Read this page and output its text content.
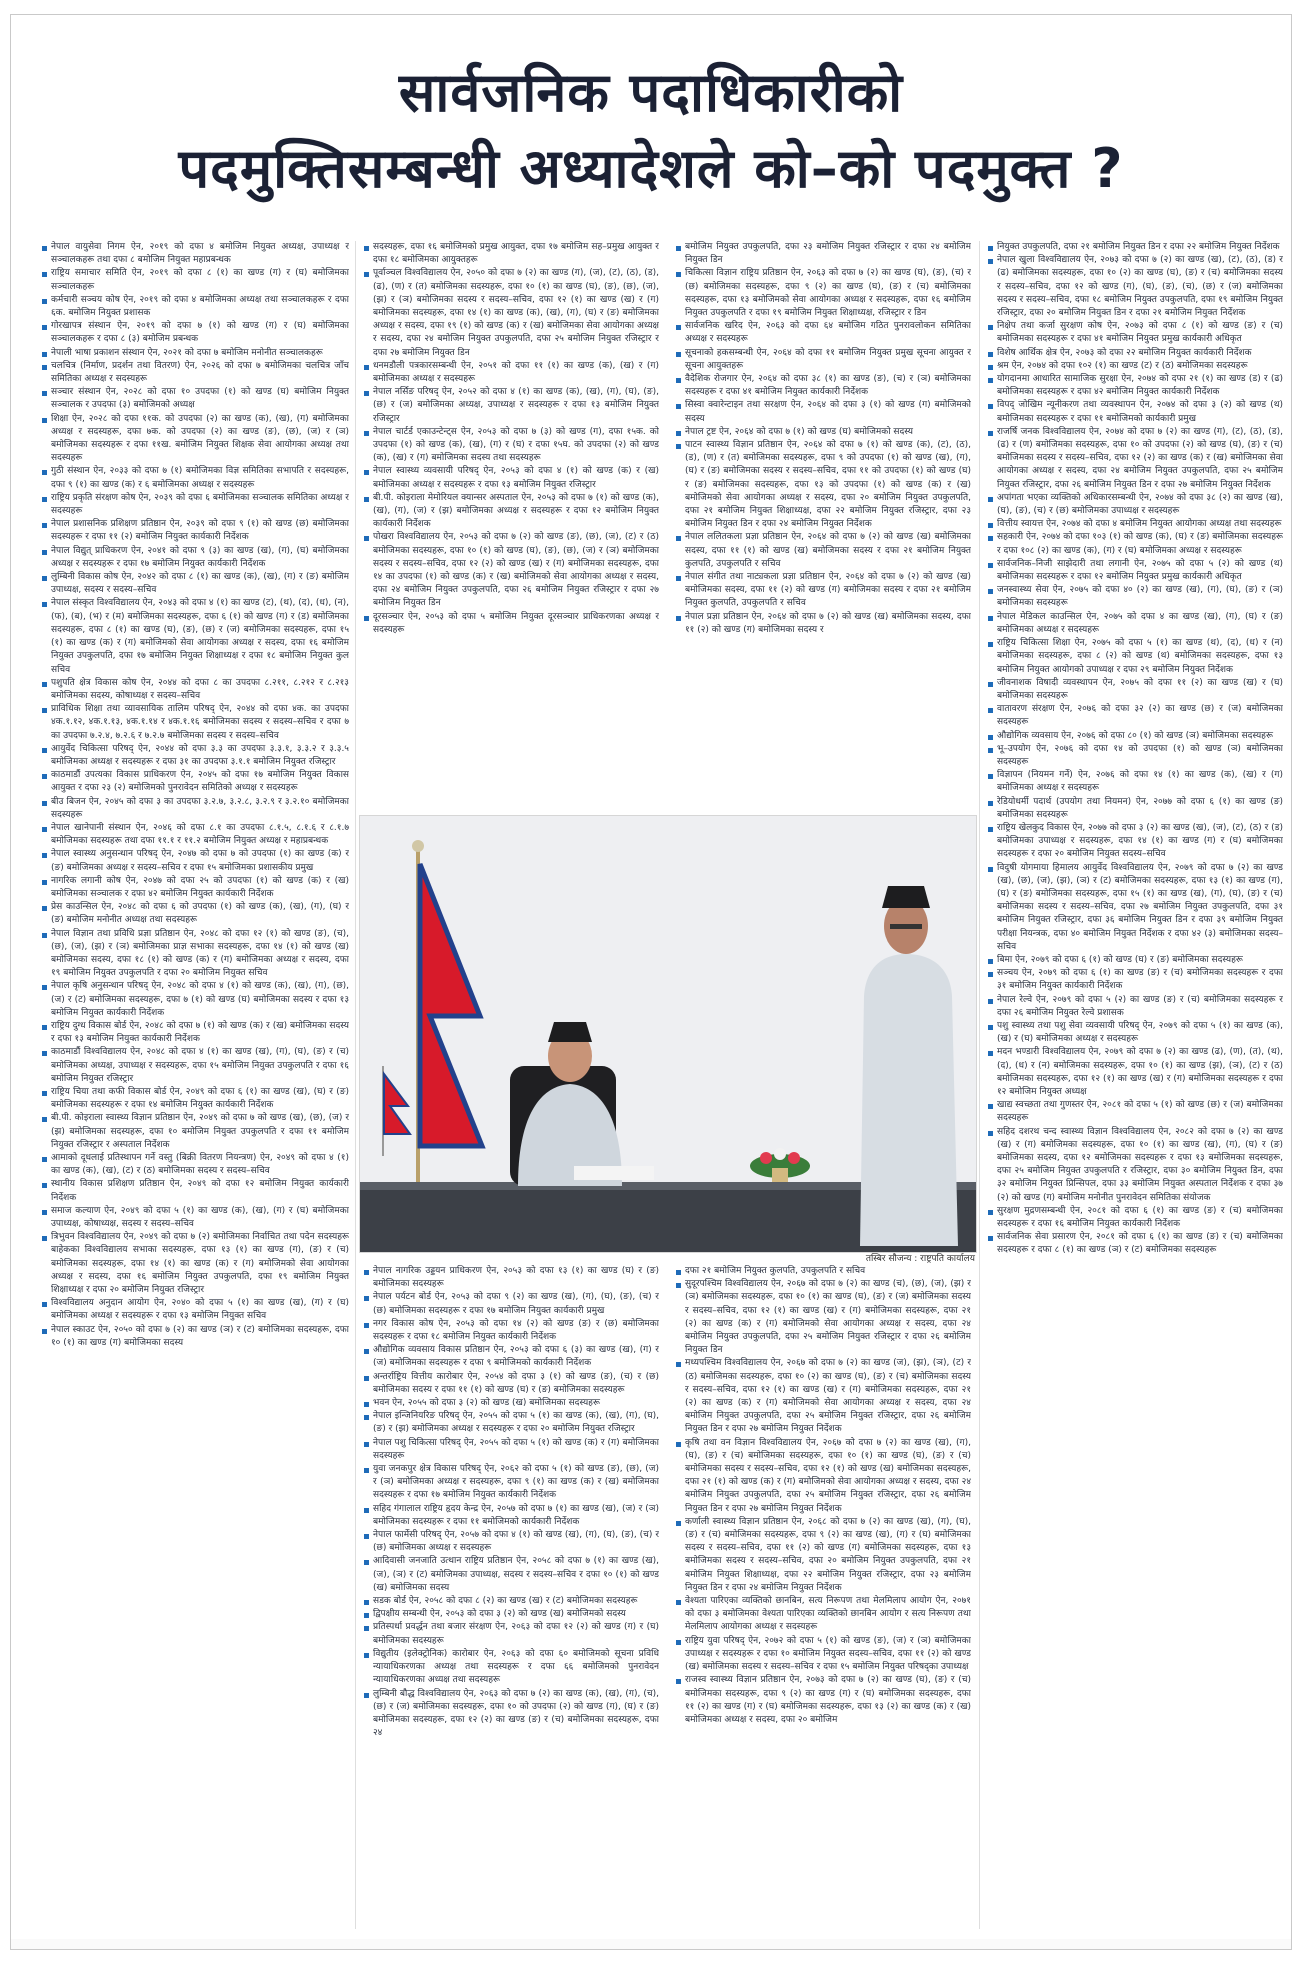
सार्वजनिक पदाधिकारीको
पदमुक्तिसम्बन्धी अध्यादेशले को–को पदमुक्त ?

नेपाल वायुसेवा निगम ऐन, २०१९ को दफा ४ बमोजिम नियुक्त अध्यक्ष, उपाध्यक्ष र सञ्चालकहरू तथा दफा ८ बमोजिम नियुक्त महाप्रबन्धक

राष्ट्रिय समाचार समिति ऐन, २०१९ को दफा ८ (१) का खण्ड (ग) र (घ) बमोजिमका सञ्चालकहरू

कर्मचारी सञ्चय कोष ऐन, २०१९ को दफा ४ बमोजिमका अध्यक्ष तथा सञ्चालकहरू र दफा ६क. बमोजिम नियुक्त प्रशासक

गोरखापत्र संस्थान ऐन, २०१९ को दफा ७ (१) को खण्ड (ग) र (घ) बमोजिमका सञ्चालकहरू र दफा ८ (३) बमोजिम प्रबन्धक

नेपाली भाषा प्रकाशन संस्थान ऐन, २०२१ को दफा ७ बमोजिम मनोनीत सञ्चालकहरू

चलचित्र (निर्माण, प्रदर्शन तथा वितरण) ऐन, २०२६ को दफा ७ बमोजिमका चलचित्र जाँच समितिका अध्यक्ष र सदस्यहरू

सञ्चार संस्थान ऐन, २०२८ को दफा १० उपदफा (१) को खण्ड (घ) बमोजिम नियुक्त सञ्चालक र उपदफा (३) बमोजिमको अध्यक्ष

शिक्षा ऐन, २०२८ को दफा ११क. को उपदफा (२) का खण्ड (क), (ख), (ग) बमोजिमका अध्यक्ष र सदस्यहरू, दफा ७क. को उपदफा (२) का खण्ड (ङ), (छ), (ज) र (ञ) बमोजिमका सदस्यहरू र दफा ११ख. बमोजिम नियुक्त शिक्षक सेवा आयोगका अध्यक्ष तथा सदस्यहरू

गुठी संस्थान ऐन, २०३३ को दफा ७ (१) बमोजिमका विज्ञ समितिका सभापति र सदस्यहरू, दफा ९ (१) का खण्ड (क) र ६ बमोजिमका अध्यक्ष र सदस्यहरू

राष्ट्रिय प्रकृति संरक्षण कोष ऐन, २०३९ को दफा ६ बमोजिमका सञ्चालक समितिका अध्यक्ष र सदस्यहरू

नेपाल प्रशासनिक प्रशिक्षण प्रतिष्ठान ऐन, २०३९ को दफा ९ (१) को खण्ड (छ) बमोजिमका सदस्यहरू र दफा ११ (२) बमोजिम नियुक्त कार्यकारी निर्देशक

नेपाल विद्युत् प्राधिकरण ऐन, २०४१ को दफा ९ (३) का खण्ड (ख), (ग), (घ) बमोजिमका अध्यक्ष र सदस्यहरू र दफा १७ बमोजिम नियुक्त कार्यकारी निर्देशक

लुम्बिनी विकास कोष ऐन, २०४२ को दफा ८ (१) का खण्ड (क), (ख), (ग) र (ङ) बमोजिम उपाध्यक्ष, सदस्य र सदस्य–सचिव

नेपाल संस्कृत विश्वविद्यालय ऐन, २०४३ को दफा ४ (१) का खण्ड (ट), (थ), (द), (ध), (न), (फ), (ब), (भ) र (म) बमोजिमका सदस्यहरू, दफा ६ (१) को खण्ड (ग) र (ड) बमोजिमका सदस्यहरू, दफा ८ (१) का खण्ड (घ), (ङ), (छ) र (ज) बमोजिमका सदस्यहरू, दफा १५ (१) का खण्ड (क) र (ग) बमोजिमको सेवा आयोगका अध्यक्ष र सदस्य, दफा १६ बमोजिम नियुक्त उपकुलपति, दफा १७ बमोजिम नियुक्त शिक्षाध्यक्ष र दफा १८ बमोजिम नियुक्त कुल सचिव

पशुपति क्षेत्र विकास कोष ऐन, २०४४ को दफा ८ का उपदफा ८.२११, ८.२१२ र ८.२१३ बमोजिमका सदस्य, कोषाध्यक्ष र सदस्य–सचिव

प्राविधिक शिक्षा तथा व्यावसायिक तालिम परिषद् ऐन, २०४४ को दफा ४क. का उपदफा ४क.१.१२, ४क.१.१३, ४क.१.१४ र ४क.१.१६ बमोजिमका सदस्य र सदस्य–सचिव र दफा ७ का उपदफा ७.२.४, ७.२.६ र ७.२.७ बमोजिमका सदस्य र सदस्य–सचिव

आयुर्वेद चिकित्सा परिषद् ऐन, २०४४ को दफा ३.३ का उपदफा ३.३.१, ३.३.२ र ३.३.५ बमोजिमका अध्यक्ष र सदस्यहरू र दफा ३१ का उपदफा ३.१.१ बमोजिम नियुक्त रजिस्ट्रार

काठमाडौं उपत्यका विकास प्राधिकरण ऐन, २०४५ को दफा १७ बमोजिम नियुक्त विकास आयुक्त र दफा २३ (२) बमोजिमको पुनरावेदन समितिको अध्यक्ष र सदस्यहरू

बीउ बिजन ऐन, २०४५ को दफा ३ का उपदफा ३.२.७, ३.२.८, ३.२.९ र ३.२.१० बमोजिमका सदस्यहरू

नेपाल खानेपानी संस्थान ऐन, २०४६ को दफा ८.१ का उपदफा ८.१.५, ८.१.६ र ८.१.७ बमोजिमका सदस्यहरू तथा दफा ११.१ र ११.२ बमोजिम नियुक्त अध्यक्ष र महाप्रबन्धक

नेपाल स्वास्थ्य अनुसन्धान परिषद् ऐन, २०४७ को दफा ७ को उपदफा (१) का खण्ड (क) र (ङ) बमोजिमका अध्यक्ष र सदस्य–सचिव र दफा १५ बमोजिमका प्रशासकीय प्रमुख

नागरिक लगानी कोष ऐन, २०४७ को दफा २५ को उपदफा (१) को खण्ड (क) र (ख) बमोजिमका सञ्चालक र दफा ४२ बमोजिम नियुक्त कार्यकारी निर्देशक

प्रेस काउन्सिल ऐन, २०४८ को दफा ६ को उपदफा (१) को खण्ड (क), (ख), (ग), (घ) र (ङ) बमोजिम मनोनीत अध्यक्ष तथा सदस्यहरू

नेपाल विज्ञान तथा प्रविधि प्रज्ञा प्रतिष्ठान ऐन, २०४८ को दफा १२ (१) को खण्ड (ङ), (च), (छ), (ज), (झ) र (ञ) बमोजिमका प्राज्ञ सभाका सदस्यहरू, दफा १४ (१) को खण्ड (ख) बमोजिमका सदस्य, दफा १८ (१) को खण्ड (क) र (ग) बमोजिमका अध्यक्ष र सदस्य, दफा १९ बमोजिम नियुक्त उपकुलपति र दफा २० बमोजिम नियुक्त सचिव

नेपाल कृषि अनुसन्धान परिषद् ऐन, २०४८ को दफा ४ (१) को खण्ड (क), (ख), (ग), (छ), (ज) र (ट) बमोजिमका सदस्यहरू, दफा ७ (१) को खण्ड (घ) बमोजिमका सदस्य र दफा १३ बमोजिम नियुक्त कार्यकारी निर्देशक

राष्ट्रिय दुग्ध विकास बोर्ड ऐन, २०४८ को दफा ७ (१) को खण्ड (क) र (ख) बमोजिमका सदस्य र दफा १३ बमोजिम नियुक्त कार्यकारी निर्देशक

काठमाडौं विश्वविद्यालय ऐन, २०४८ को दफा ४ (१) का खण्ड (ख), (ग), (घ), (ङ) र (च) बमोजिमका अध्यक्ष, उपाध्यक्ष र सदस्यहरू, दफा १५ बमोजिम नियुक्त उपकुलपति र दफा १६ बमोजिम नियुक्त रजिस्ट्रार

राष्ट्रिय चिया तथा कफी विकास बोर्ड ऐन, २०४९ को दफा ६ (१) का खण्ड (ख), (घ) र (ङ) बमोजिमका सदस्यहरू र दफा १४ बमोजिम नियुक्त कार्यकारी निर्देशक

बी.पी. कोइराला स्वास्थ्य विज्ञान प्रतिष्ठान ऐन, २०४९ को दफा ७ को खण्ड (ख), (छ), (ज) र (झ) बमोजिमका सदस्यहरू, दफा १० बमोजिम नियुक्त उपकुलपति र दफा ११ बमोजिम नियुक्त रजिस्ट्रार र अस्पताल निर्देशक

आमाको दूधलाई प्रतिस्थापन गर्ने वस्तु (बिक्री वितरण नियन्त्रण) ऐन, २०४९ को दफा ४ (१) का खण्ड (क), (ख), (ट) र (ठ) बमोजिमका सदस्य र सदस्य–सचिव

स्थानीय विकास प्रशिक्षण प्रतिष्ठान ऐन, २०४९ को दफा १२ बमोजिम नियुक्त कार्यकारी निर्देशक

समाज कल्याण ऐन, २०४९ को दफा ५ (१) का खण्ड (क), (ख), (ग) र (घ) बमोजिमका उपाध्यक्ष, कोषाध्यक्ष, सदस्य र सदस्य–सचिव

त्रिभुवन विश्वविद्यालय ऐन, २०४९ को दफा ७ (२) बमोजिमका निर्वाचित तथा पदेन सदस्यहरू बाहेकका विश्वविद्यालय सभाका सदस्यहरू, दफा १३ (१) का खण्ड (ग), (ङ) र (च) बमोजिमका सदस्यहरू, दफा १४ (१) का खण्ड (क) र (ग) बमोजिमको सेवा आयोगका अध्यक्ष र सदस्य, दफा १६ बमोजिम नियुक्त उपकुलपति, दफा १९ बमोजिम नियुक्त शिक्षाध्यक्ष र दफा २० बमोजिम नियुक्त रजिस्ट्रार

विश्वविद्यालय अनुदान आयोग ऐन, २०४० को दफा ५ (१) का खण्ड (ख), (ग) र (घ) बमोजिमका अध्यक्ष र सदस्यहरू र दफा १३ बमोजिम नियुक्त सचिव

नेपाल स्काउट ऐन, २०५० को दफा ७ (२) का खण्ड (ञ) र (ट) बमोजिमका सदस्यहरू, दफा १० (१) का खण्ड (ग) बमोजिमका सदस्य

सदस्यहरू, दफा १६ बमोजिमको प्रमुख आयुक्त, दफा १७ बमोजिम सह–प्रमुख आयुक्त र दफा १८ बमोजिमका आयुक्तहरू

पूर्वाञ्चल विश्वविद्यालय ऐन, २०५० को दफा ७ (२) का खण्ड (ग), (ज), (ट), (ठ), (ड), (ढ), (ण) र (त) बमोजिमका सदस्यहरू, दफा १० (१) का खण्ड (घ), (ङ), (छ), (ज), (झ) र (ञ) बमोजिमका सदस्य र सदस्य–सचिव, दफा १२ (१) का खण्ड (ख) र (ग) बमोजिमका सदस्यहरू, दफा १४ (१) का खण्ड (क), (ख), (ग), (घ) र (ङ) बमोजिमका अध्यक्ष र सदस्य, दफा १९ (१) को खण्ड (क) र (ख) बमोजिमका सेवा आयोगका अध्यक्ष र सदस्य, दफा २४ बमोजिम नियुक्त उपकुलपति, दफा २५ बमोजिम नियुक्त रजिस्ट्रार र दफा २७ बमोजिम नियुक्त डिन

धनमडौली पत्रकारसम्बन्धी ऐन, २०५१ को दफा ११ (१) का खण्ड (क), (ख) र (ग) बमोजिमका अध्यक्ष र सदस्यहरू

नेपाल नर्सिङ परिषद् ऐन, २०५२ को दफा ४ (१) का खण्ड (क), (ख), (ग), (घ), (ङ), (छ) र (ज) बमोजिमका अध्यक्ष, उपाध्यक्ष र सदस्यहरू र दफा १३ बमोजिम नियुक्त रजिस्ट्रार

नेपाल चार्टर्ड एकाउन्टेन्ट्स ऐन, २०५३ को दफा ७ (३) को खण्ड (ग), दफा १५क. को उपदफा (१) को खण्ड (क), (ख), (ग) र (घ) र दफा १५घ. को उपदफा (२) को खण्ड (क), (ख) र (ग) बमोजिमका सदस्य तथा सदस्यहरू

नेपाल स्वास्थ्य व्यवसायी परिषद् ऐन, २०५३ को दफा ४ (१) को खण्ड (क) र (ख) बमोजिमका अध्यक्ष र सदस्यहरू र दफा १३ बमोजिम नियुक्त रजिस्ट्रार

बी.पी. कोइराला मेमोरियल क्यान्सर अस्पताल ऐन, २०५३ को दफा ७ (१) को खण्ड (क), (ख), (ग), (ज) र (झ) बमोजिमका अध्यक्ष र सदस्यहरू र दफा १२ बमोजिम नियुक्त कार्यकारी निर्देशक

पोखरा विश्वविद्यालय ऐन, २०५३ को दफा ७ (२) को खण्ड (ङ), (छ), (ज), (ट) र (ठ) बमोजिमका सदस्यहरू, दफा १० (१) को खण्ड (घ), (ङ), (छ), (ज) र (ञ) बमोजिमका सदस्य र सदस्य–सचिव, दफा १२ (२) को खण्ड (ख) र (ग) बमोजिमका सदस्यहरू, दफा १४ का उपदफा (१) को खण्ड (क) र (ख) बमोजिमको सेवा आयोगका अध्यक्ष र सदस्य, दफा २४ बमोजिम नियुक्त उपकुलपति, दफा २६ बमोजिम नियुक्त रजिस्ट्रार र दफा २७ बमोजिम नियुक्त डिन

दूरसञ्चार ऐन, २०५३ को दफा ५ बमोजिम नियुक्त दूरसञ्चार प्राधिकरणका अध्यक्ष र सदस्यहरू

बमोजिम नियुक्त उपकुलपति, दफा २३ बमोजिम नियुक्त रजिस्ट्रार र दफा २४ बमोजिम नियुक्त डिन

चिकित्सा विज्ञान राष्ट्रिय प्रतिष्ठान ऐन, २०६३ को दफा ७ (२) का खण्ड (घ), (ङ), (च) र (छ) बमोजिमका सदस्यहरू, दफा ९ (२) का खण्ड (घ), (ङ) र (च) बमोजिमका सदस्यहरू, दफा १३ बमोजिमको सेवा आयोगका अध्यक्ष र सदस्यहरू, दफा १६ बमोजिम नियुक्त उपकुलपति र दफा १९ बमोजिम नियुक्त शिक्षाध्यक्ष, रजिस्ट्रार र डिन

सार्वजनिक खरिद ऐन, २०६३ को दफा ६४ बमोजिम गठित पुनरावलोकन समितिका अध्यक्ष र सदस्यहरू

सूचनाको हकसम्बन्धी ऐन, २०६४ को दफा ११ बमोजिम नियुक्त प्रमुख सूचना आयुक्त र सूचना आयुक्तहरू

वैदेशिक रोजगार ऐन, २०६४ को दफा ३८ (१) का खण्ड (ङ), (च) र (ञ) बमोजिमका सदस्यहरू र दफा ४१ बमोजिम नियुक्त कार्यकारी निर्देशक

सिस्वा क्वारेन्टाइन तथा सरक्षण ऐन, २०६४ को दफा ३ (१) को खण्ड (ग) बमोजिमको सदस्य

नेपाल ट्रष्ट ऐन, २०६४ को दफा ७ (१) को खण्ड (घ) बमोजिमको सदस्य

पाटन स्वास्थ्य विज्ञान प्रतिष्ठान ऐन, २०६४ को दफा ७ (१) को खण्ड (क), (ट), (ठ), (ड), (ण) र (त) बमोजिमका सदस्यहरू, दफा ९ को उपदफा (१) को खण्ड (ख), (ग), (घ) र (ङ) बमोजिमका सदस्य र सदस्य–सचिव, दफा ११ को उपदफा (१) को खण्ड (घ) र (ङ) बमोजिमका सदस्यहरू, दफा १३ को उपदफा (१) को खण्ड (क) र (ख) बमोजिमको सेवा आयोगका अध्यक्ष र सदस्य, दफा २० बमोजिम नियुक्त उपकुलपति, दफा २१ बमोजिम नियुक्त शिक्षाध्यक्ष, दफा २२ बमोजिम नियुक्त रजिस्ट्रार, दफा २३ बमोजिम नियुक्त डिन र दफा २४ बमोजिम नियुक्त निर्देशक

नेपाल ललितकला प्रज्ञा प्रतिष्ठान ऐन, २०६४ को दफा ७ (२) को खण्ड (ख) बमोजिमका सदस्य, दफा ११ (१) को खण्ड (ख) बमोजिमका सदस्य र दफा २१ बमोजिम नियुक्त कुलपति, उपकुलपति र सचिव

नेपाल संगीत तथा नाट्यकला प्रज्ञा प्रतिष्ठान ऐन, २०६४ को दफा ७ (२) को खण्ड (ख) बमोजिमका सदस्य, दफा ११ (२) को खण्ड (ग) बमोजिमका सदस्य र दफा २१ बमोजिम नियुक्त कुलपति, उपकुलपति र सचिव

नेपाल प्रज्ञा प्रतिष्ठान ऐन, २०६४ को दफा ७ (२) को खण्ड (ख) बमोजिमका सदस्य, दफा ११ (२) को खण्ड (ग) बमोजिमका सदस्य र

नियुक्त उपकुलपति, दफा २१ बमोजिम नियुक्त डिन र दफा २२ बमोजिम नियुक्त निर्देशक

नेपाल खुला विश्वविद्यालय ऐन, २०७३ को दफा ७ (२) का खण्ड (ख), (ट), (ठ), (ड) र (ढ) बमोजिमका सदस्यहरू, दफा १० (२) का खण्ड (घ), (ङ) र (च) बमोजिमका सदस्य र सदस्य–सचिव, दफा १२ को खण्ड (ग), (घ), (ङ), (च), (छ) र (ज) बमोजिमका सदस्य र सदस्य–सचिव, दफा १८ बमोजिम नियुक्त उपकुलपति, दफा १९ बमोजिम नियुक्त रजिस्ट्रार, दफा २० बमोजिम नियुक्त डिन र दफा २१ बमोजिम नियुक्त निर्देशक

निक्षेप तथा कर्जा सुरक्षण कोष ऐन, २०७३ को दफा ८ (१) को खण्ड (ङ) र (च) बमोजिमका सदस्यहरू र दफा ४१ बमोजिम नियुक्त प्रमुख कार्यकारी अधिकृत

विशेष आर्थिक क्षेत्र ऐन, २०७३ को दफा २२ बमोजिम नियुक्त कार्यकारी निर्देशक

श्रम ऐन, २०७४ को दफा १०२ (१) का खण्ड (ट) र (ठ) बमोजिमका सदस्यहरू

योगदानमा आधारित सामाजिक सुरक्षा ऐन, २०७४ को दफा २१ (१) का खण्ड (ड) र (ढ) बमोजिमका सदस्यहरू र दफा ४२ बमोजिम नियुक्त कार्यकारी निर्देशक

विपद् जोखिम न्यूनीकरण तथा व्यवस्थापन ऐन, २०७४ को दफा ३ (२) को खण्ड (थ) बमोजिमका सदस्यहरू र दफा ११ बमोजिमको कार्यकारी प्रमुख

राजर्षि जनक विश्वविद्यालय ऐन, २०७४ को दफा ७ (२) का खण्ड (ग), (ट), (ठ), (ड), (ढ) र (ण) बमोजिमका सदस्यहरू, दफा १० को उपदफा (२) को खण्ड (घ), (ङ) र (च) बमोजिमका सदस्य र सदस्य–सचिव, दफा १२ (२) का खण्ड (क) र (ख) बमोजिमका सेवा आयोगका अध्यक्ष र सदस्य, दफा २४ बमोजिम नियुक्त उपकुलपति, दफा २५ बमोजिम नियुक्त रजिस्ट्रार, दफा २६ बमोजिम नियुक्त डिन र दफा २७ बमोजिम नियुक्त निर्देशक

अपांगता भएका व्यक्तिको अधिकारसम्बन्धी ऐन, २०७४ को दफा ३८ (२) का खण्ड (ख), (घ), (ङ), (च) र (छ) बमोजिमका उपाध्यक्ष र सदस्यहरू

वित्तीय स्वायत्त ऐन, २०७४ को दफा ४ बमोजिम नियुक्त आयोगका अध्यक्ष तथा सदस्यहरू

सहकारी ऐन, २०७४ को दफा १०३ (१) को खण्ड (क), (घ) र (ङ) बमोजिमका सदस्यहरू र दफा १०८ (२) का खण्ड (क), (ग) र (घ) बमोजिमका अध्यक्ष र सदस्यहरू

सार्वजनिक–निजी साझेदारी तथा लगानी ऐन, २०७५ को दफा ५ (२) को खण्ड (थ) बमोजिमका सदस्यहरू र दफा १२ बमोजिम नियुक्त प्रमुख कार्यकारी अधिकृत

जनस्वास्थ्य सेवा ऐन, २०७५ को दफा ४० (२) का खण्ड (ख), (ग), (घ), (ङ) र (ञ) बमोजिमका सदस्यहरू

नेपाल मेडिकल काउन्सिल ऐन, २०७५ को दफा ४ का खण्ड (ख), (ग), (घ) र (ङ) बमोजिमका अध्यक्ष र सदस्यहरू

राष्ट्रिय चिकित्सा शिक्षा ऐन, २०७५ को दफा ५ (१) का खण्ड (थ), (द), (ध) र (न) बमोजिमका सदस्यहरू, दफा ८ (२) को खण्ड (थ) बमोजिमका सदस्यहरू, दफा १३ बमोजिम नियुक्त आयोगको उपाध्यक्ष र दफा २९ बमोजिम नियुक्त निर्देशक

जीवनाशक विषादी व्यवस्थापन ऐन, २०७५ को दफा ११ (२) का खण्ड (ख) र (घ) बमोजिमका सदस्यहरू

वातावरण संरक्षण ऐन, २०७६ को दफा ३२ (२) का खण्ड (छ) र (ज) बमोजिमका सदस्यहरू

औद्योगिक व्यवसाय ऐन, २०७६ को दफा ८० (१) को खण्ड (ञ) बमोजिमका सदस्यहरू

भू–उपयोग ऐन, २०७६ को दफा १४ को उपदफा (१) को खण्ड (ञ) बमोजिमका सदस्यहरू

विज्ञापन (नियमन गर्ने) ऐन, २०७६ को दफा १४ (१) का खण्ड (क), (ख) र (ग) बमोजिमका अध्यक्ष र सदस्यहरू

रेडियोधर्मी पदार्थ (उपयोग तथा नियमन) ऐन, २०७७ को दफा ६ (१) का खण्ड (ङ) बमोजिमका सदस्यहरू

राष्ट्रिय खेलकुद विकास ऐन, २०७७ को दफा ३ (२) का खण्ड (ख), (ज), (ट), (ठ) र (ड) बमोजिमका उपाध्यक्ष र सदस्यहरू, दफा १४ (१) का खण्ड (ग) र (घ) बमोजिमका सदस्यहरू र दफा २० बमोजिम नियुक्त सदस्य–सचिव

विदुषी योगमाया हिमालय आयुर्वेद विश्वविद्यालय ऐन, २०७९ को दफा ७ (२) का खण्ड (ख), (छ), (ज), (झ), (ञ) र (ट) बमोजिमका सदस्यहरू, दफा १३ (१) का खण्ड (ग), (घ) र (ङ) बमोजिमका सदस्यहरू, दफा १५ (१) का खण्ड (ख), (ग), (घ), (ङ) र (च) बमोजिमका सदस्य र सदस्य–सचिव, दफा २७ बमोजिम नियुक्त उपकुलपति, दफा ३१ बमोजिम नियुक्त रजिस्ट्रार, दफा ३६ बमोजिम नियुक्त डिन र दफा ३९ बमोजिम नियुक्त परीक्षा नियन्त्रक, दफा ४० बमोजिम नियुक्त निर्देशक र दफा ४२ (३) बमोजिमका सदस्य–सचिव

बिमा ऐन, २०७९ को दफा ६ (१) को खण्ड (घ) र (ङ) बमोजिमका सदस्यहरू

सञ्चय ऐन, २०७९ को दफा ६ (१) का खण्ड (ङ) र (च) बमोजिमका सदस्यहरू र दफा ३१ बमोजिम नियुक्त कार्यकारी निर्देशक

नेपाल रेल्वे ऐन, २०७९ को दफा ५ (२) का खण्ड (ङ) र (च) बमोजिमका सदस्यहरू र दफा २६ बमोजिम नियुक्त रेल्वे प्रशासक

पशु स्वास्थ्य तथा पशु सेवा व्यवसायी परिषद् ऐन, २०७९ को दफा ५ (१) का खण्ड (क), (ख) र (घ) बमोजिमका अध्यक्ष र सदस्यहरू

मदन भण्डारी विश्वविद्यालय ऐन, २०७९ को दफा ७ (२) का खण्ड (ढ), (ण), (त), (थ), (द), (ध) र (न) बमोजिमका सदस्यहरू, दफा १० (१) का खण्ड (झ), (ञ), (ट) र (ठ) बमोजिमका सदस्यहरू, दफा १२ (१) का खण्ड (ख) र (ग) बमोजिमका सदस्यहरू र दफा १२ बमोजिम नियुक्त अध्यक्ष

खाद्य स्वच्छता तथा गुणस्तर ऐन, २०८१ को दफा ५ (१) को खण्ड (छ) र (ज) बमोजिमका सदस्यहरू

सहिद दशरथ चन्द स्वास्थ्य विज्ञान विश्वविद्यालय ऐन, २०८२ को दफा ७ (२) का खण्ड (ख) र (ग) बमोजिमका सदस्यहरू, दफा १० (१) का खण्ड (ख), (ग), (घ) र (ङ) बमोजिमका सदस्य, दफा १२ बमोजिमका सदस्यहरू र दफा १३ बमोजिमका सदस्यहरू, दफा २५ बमोजिम नियुक्त उपकुलपति र रजिस्ट्रार, दफा ३० बमोजिम नियुक्त डिन, दफा ३२ बमोजिम नियुक्त प्रिन्सिपल, दफा ३३ बमोजिम नियुक्त अस्पताल निर्देशक र दफा ३७ (२) को खण्ड (ग) बमोजिम मनोनीत पुनरावेदन समितिका संयोजक

सुरक्षण मुद्रणसम्बन्धी ऐन, २०८१ को दफा ६ (१) का खण्ड (ङ) र (च) बमोजिमका सदस्यहरू र दफा १६ बमोजिम नियुक्त कार्यकारी निर्देशक

सार्वजनिक सेवा प्रसारण ऐन, २०८१ को दफा ६ (१) का खण्ड (ङ) र (च) बमोजिमका सदस्यहरू र दफा ८ (१) का खण्ड (ञ) र (ट) बमोजिमका सदस्यहरू

नेपाल नागरिक उड्डयन प्राधिकरण ऐन, २०५३ को दफा १३ (१) का खण्ड (घ) र (ङ) बमोजिमका सदस्यहरू

नेपाल पर्यटन बोर्ड ऐन, २०५३ को दफा ९ (२) का खण्ड (ख), (ग), (घ), (ङ), (च) र (छ) बमोजिमका सदस्यहरू र दफा १७ बमोजिम नियुक्त कार्यकारी प्रमुख

नगर विकास कोष ऐन, २०५३ को दफा १४ (२) को खण्ड (ङ) र (छ) बमोजिमका सदस्यहरू र दफा १८ बमोजिम नियुक्त कार्यकारी निर्देशक

औद्योगिक व्यवसाय विकास प्रतिष्ठान ऐन, २०५३ को दफा ६ (३) का खण्ड (ख), (ग) र (ज) बमोजिमका सदस्यहरू र दफा ९ बमोजिमको कार्यकारी निर्देशक

अन्तर्राष्ट्रिय वित्तीय कारोबार ऐन, २०५४ को दफा ३ (१) को खण्ड (ङ), (च) र (छ) बमोजिमका सदस्य र दफा ११ (१) को खण्ड (घ) र (ङ) बमोजिमका सदस्यहरू

भवन ऐन, २०५५ को दफा ३ (२) को खण्ड (ख) बमोजिमका सदस्यहरू

नेपाल इन्जिनियरिङ परिषद् ऐन, २०५५ को दफा ५ (१) का खण्ड (क), (ख), (ग), (घ), (ङ) र (झ) बमोजिमका अध्यक्ष र सदस्यहरू र दफा २० बमोजिम नियुक्त रजिस्ट्रार

नेपाल पशु चिकित्सा परिषद् ऐन, २०५५ को दफा ५ (१) को खण्ड (क) र (ग) बमोजिमका सदस्यहरू

युवा जनकपुर क्षेत्र विकास परिषद् ऐन, २०६२ को दफा ५ (१) को खण्ड (ङ), (छ), (ज) र (ञ) बमोजिमका अध्यक्ष र सदस्यहरू, दफा ९ (१) का खण्ड (क) र (ख) बमोजिमका सदस्यहरू र दफा १७ बमोजिम नियुक्त कार्यकारी निर्देशक

सहिद गंगालाल राष्ट्रिय हृदय केन्द्र ऐन, २०५७ को दफा ७ (१) का खण्ड (ख), (ज) र (ञ) बमोजिमका सदस्यहरू र दफा ११ बमोजिमको कार्यकारी निर्देशक

नेपाल फार्मेसी परिषद् ऐन, २०५७ को दफा ४ (१) को खण्ड (ख), (ग), (घ), (ङ), (च) र (छ) बमोजिमका अध्यक्ष र सदस्यहरू

आदिवासी जनजाति उत्थान राष्ट्रिय प्रतिष्ठान ऐन, २०५८ को दफा ७ (१) का खण्ड (ख), (ज), (ञ) र (ट) बमोजिमका उपाध्यक्ष, सदस्य र सदस्य–सचिव र दफा १० (१) को खण्ड (ख) बमोजिमका सदस्य

सडक बोर्ड ऐन, २०५८ को दफा ८ (२) का खण्ड (ख) र (ट) बमोजिमका सदस्यहरू

द्विपक्षीय सम्बन्धी ऐन, २०५३ को दफा ३ (२) को खण्ड (ख) बमोजिमको सदस्य

प्रतिस्पर्धा प्रवर्द्धन तथा बजार संरक्षण ऐन, २०६३ को दफा १२ (२) को खण्ड (ग) र (घ) बमोजिमका सदस्यहरू

विद्युतीय (इलेक्ट्रोनिक) कारोबार ऐन, २०६३ को दफा ६० बमोजिमको सूचना प्रविधि न्यायाधिकरणका अध्यक्ष तथा सदस्यहरू र दफा ६६ बमोजिमको पुनरावेदन न्यायाधिकरणका अध्यक्ष तथा सदस्यहरू

लुम्बिनी बौद्ध विश्वविद्यालय ऐन, २०६३ को दफा ७ (२) का खण्ड (क), (ख), (ग), (च), (छ) र (ज) बमोजिमका सदस्यहरू, दफा १० को उपदफा (२) को खण्ड (ग), (घ) र (ङ) बमोजिमका सदस्यहरू, दफा १२ (२) का खण्ड (ङ) र (च) बमोजिमका सदस्यहरू, दफा २४

दफा २१ बमोजिम नियुक्त कुलपति, उपकुलपति र सचिव

सुदूरपश्चिम विश्वविद्यालय ऐन, २०६७ को दफा ७ (२) का खण्ड (च), (छ), (ज), (झ) र (ञ) बमोजिमका सदस्यहरू, दफा १० (१) का खण्ड (घ), (ङ) र (ज) बमोजिमका सदस्य र सदस्य–सचिव, दफा १२ (१) का खण्ड (ख) र (ग) बमोजिमका सदस्यहरू, दफा २१ (२) का खण्ड (क) र (ग) बमोजिमको सेवा आयोगका अध्यक्ष र सदस्य, दफा २४ बमोजिम नियुक्त उपकुलपति, दफा २५ बमोजिम नियुक्त रजिस्ट्रार र दफा २६ बमोजिम नियुक्त डिन

मध्यपश्चिम विश्वविद्यालय ऐन, २०६७ को दफा ७ (२) का खण्ड (ज), (झ), (ञ), (ट) र (ठ) बमोजिमका सदस्यहरू, दफा १० (२) का खण्ड (घ), (ङ) र (च) बमोजिमका सदस्य र सदस्य–सचिव, दफा १२ (१) का खण्ड (ख) र (ग) बमोजिमका सदस्यहरू, दफा २१ (२) का खण्ड (क) र (ग) बमोजिमको सेवा आयोगका अध्यक्ष र सदस्य, दफा २४ बमोजिम नियुक्त उपकुलपति, दफा २५ बमोजिम नियुक्त रजिस्ट्रार, दफा २६ बमोजिम नियुक्त डिन र दफा २७ बमोजिम नियुक्त निर्देशक

कृषि तथा वन विज्ञान विश्वविद्यालय ऐन, २०६७ को दफा ७ (२) का खण्ड (ख), (ग), (घ), (ङ) र (च) बमोजिमका सदस्यहरू, दफा १० (१) का खण्ड (घ), (ङ) र (च) बमोजिमका सदस्य र सदस्य–सचिव, दफा १२ (१) को खण्ड (ख) बमोजिमका सदस्यहरू, दफा २१ (१) को खण्ड (क) र (ग) बमोजिमको सेवा आयोगका अध्यक्ष र सदस्य, दफा २४ बमोजिम नियुक्त उपकुलपति, दफा २५ बमोजिम नियुक्त रजिस्ट्रार, दफा २६ बमोजिम नियुक्त डिन र दफा २७ बमोजिम नियुक्त निर्देशक

कर्णाली स्वास्थ्य विज्ञान प्रतिष्ठान ऐन, २०६८ को दफा ७ (२) का खण्ड (ख), (ग), (घ), (ङ) र (च) बमोजिमका सदस्यहरू, दफा ९ (२) का खण्ड (ख), (ग) र (घ) बमोजिमका सदस्य र सदस्य–सचिव, दफा ११ (२) को खण्ड (ग) बमोजिमका सदस्यहरू, दफा १३ बमोजिमका सदस्य र सदस्य–सचिव, दफा २० बमोजिम नियुक्त उपकुलपति, दफा २१ बमोजिम नियुक्त शिक्षाध्यक्ष, दफा २२ बमोजिम नियुक्त रजिस्ट्रार, दफा २३ बमोजिम नियुक्त डिन र दफा २४ बमोजिम नियुक्त निर्देशक

वेश्यता पारिएका व्यक्तिको छानबिन, सत्य निरूपण तथा मेलमिलाप आयोग ऐन, २०७१ को दफा ३ बमोजिमका वेश्यता पारिएका व्यक्तिको छानबिन आयोग र सत्य निरूपण तथा मेलमिलाप आयोगका अध्यक्ष र सदस्यहरू

राष्ट्रिय युवा परिषद् ऐन, २०७२ को दफा ५ (१) को खण्ड (ङ), (ज) र (ञ) बमोजिमका उपाध्यक्ष र सदस्यहरू र दफा १० बमोजिम नियुक्त सदस्य–सचिव, दफा ११ (२) को खण्ड (ख) बमोजिमका सदस्य र सदस्य–सचिव र दफा १५ बमोजिम नियुक्त परिषद्का उपाध्यक्ष

राजस्व स्वास्थ्य विज्ञान प्रतिष्ठान ऐन, २०७३ को दफा ७ (२) का खण्ड (घ), (ङ) र (च) बमोजिमका सदस्यहरू, दफा ९ (२) का खण्ड (ग) र (घ) बमोजिमका सदस्यहरू, दफा ११ (२) का खण्ड (ग) र (घ) बमोजिमका सदस्यहरू, दफा १३ (२) का खण्ड (क) र (ख) बमोजिमका अध्यक्ष र सदस्य, दफा २० बमोजिम

तस्बिर सौजन्य : राष्ट्रपति कार्यालय
